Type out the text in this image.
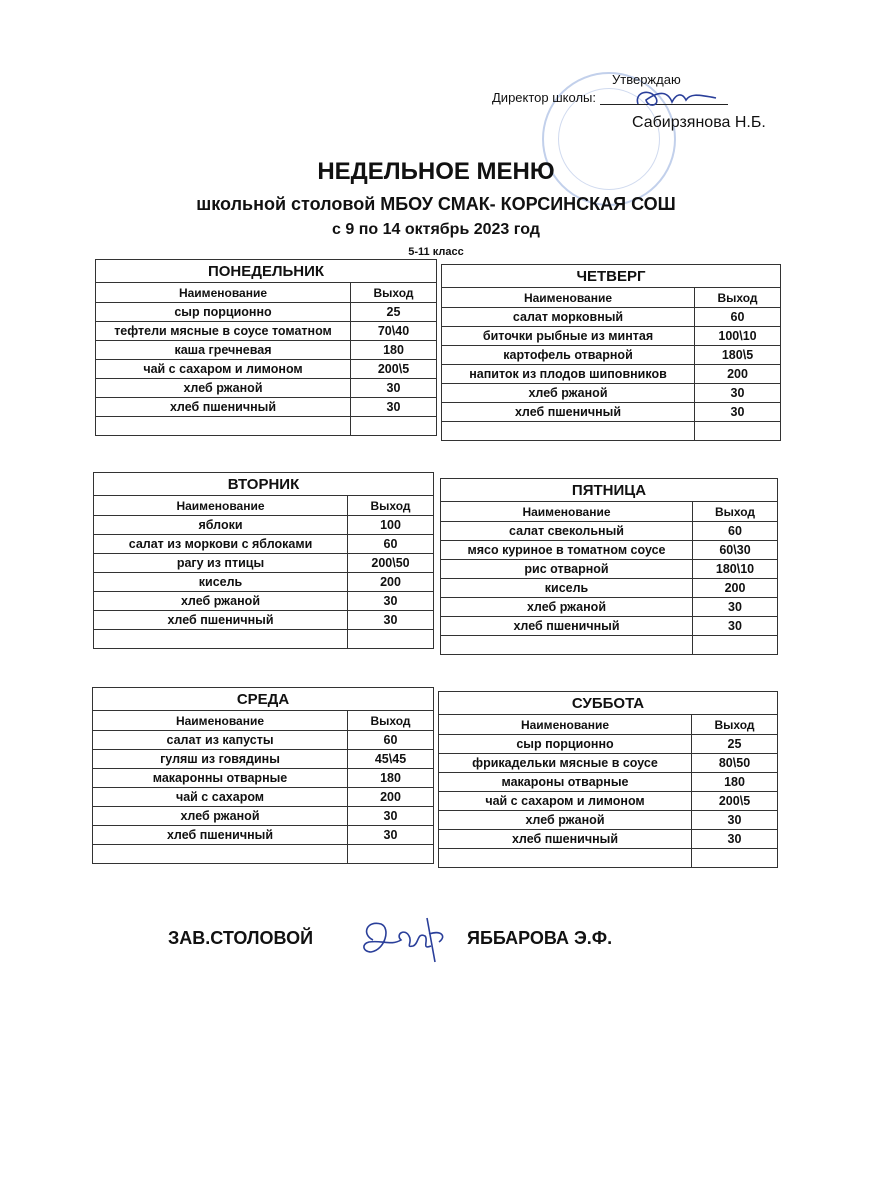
Утверждаю
Директор школы:
Сабирзянова Н.Б.
НЕДЕЛЬНОЕ МЕНЮ
школьной столовой МБОУ СМАК- КОРСИНСКАЯ СОШ
с 9 по 14 октябрь 2023 год
5-11 класс
ПОНЕДЕЛЬНИК	
Наименование	Выход
сыр порционно	25
тефтели мясные в соусе томатном	70\40
каша гречневая	180
чай с сахаром и лимоном	200\5
хлеб ржаной	30
хлеб пшеничный	30

ЧЕТВЕРГ	
Наименование	Выход
салат морковный	60
биточки рыбные из минтая	100\10
картофель отварной	180\5
напиток из плодов шиповников	200
хлеб ржаной	30
хлеб пшеничный	30

ВТОРНИК	
Наименование	Выход
яблоки	100
салат из моркови с яблоками	60
рагу из птицы	200\50
кисель	200
хлеб ржаной	30
хлеб пшеничный	30

ПЯТНИЦА	
Наименование	Выход
салат свекольный	60
мясо куриное в томатном соусе	60\30
рис отварной	180\10
кисель	200
хлеб ржаной	30
хлеб пшеничный	30

СРЕДА	
Наименование	Выход
салат из капусты	60
гуляш из говядины	45\45
макаронны отварные	180
чай с сахаром	200
хлеб ржаной	30
хлеб пшеничный	30

СУББОТА	
Наименование	Выход
сыр порционно	25
фрикадельки мясные в соусе	80\50
макароны отварные	180
чай с сахаром и лимоном	200\5
хлеб ржаной	30
хлеб пшеничный	30

ЗАВ.СТОЛОВОЙ	ЯББАРОВА Э.Ф.
